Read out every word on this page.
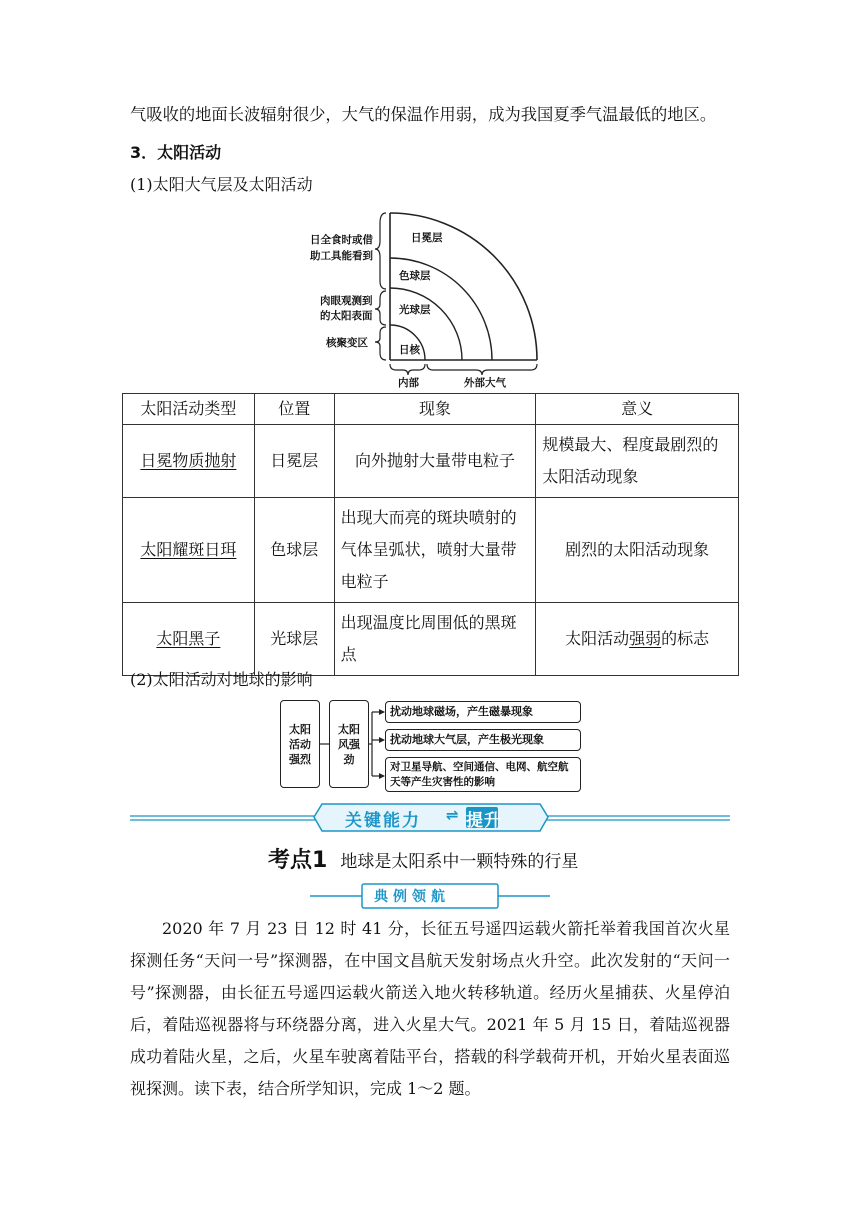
气吸收的地面长波辐射很少，大气的保温作用弱，成为我国夏季气温最低的地区。
3．太阳活动
(1)太阳大气层及太阳活动
日冕层
色球层
光球层
日核
日全食时或借
助工具能看到
肉眼观测到
的太阳表面
核聚变区
内部	外部大气
太阳活动类型	位置	现象	意义
日冕物质抛射	日冕层	向外抛射大量带电粒子	规模最大、程度最剧烈的太阳活动现象
太阳耀斑日珥	色球层	出现大而亮的斑块喷射的气体呈弧状，喷射大量带电粒子	剧烈的太阳活动现象
太阳黑子	光球层	出现温度比周围低的黑斑点	太阳活动强弱的标志
(2)太阳活动对地球的影响
太阳活动强烈
太阳风强劲
扰动地球磁场，产生磁暴现象
扰动地球大气层，产生极光现象
对卫星导航、空间通信、电网、航空航天等产生灾害性的影响
关键能力 ⇌ 提升
考点1 地球是太阳系中一颗特殊的行星
典例领航
2020 年 7 月 23 日 12 时 41 分，长征五号遥四运载火箭托举着我国首次火星探测任务“天问一号”探测器，在中国文昌航天发射场点火升空。此次发射的“天问一号”探测器，由长征五号遥四运载火箭送入地火转移轨道。经历火星捕获、火星停泊后，着陆巡视器将与环绕器分离，进入火星大气。2021 年 5 月 15 日，着陆巡视器成功着陆火星，之后，火星车驶离着陆平台，搭载的科学载荷开机，开始火星表面巡视探测。读下表，结合所学知识，完成 1～2 题。
